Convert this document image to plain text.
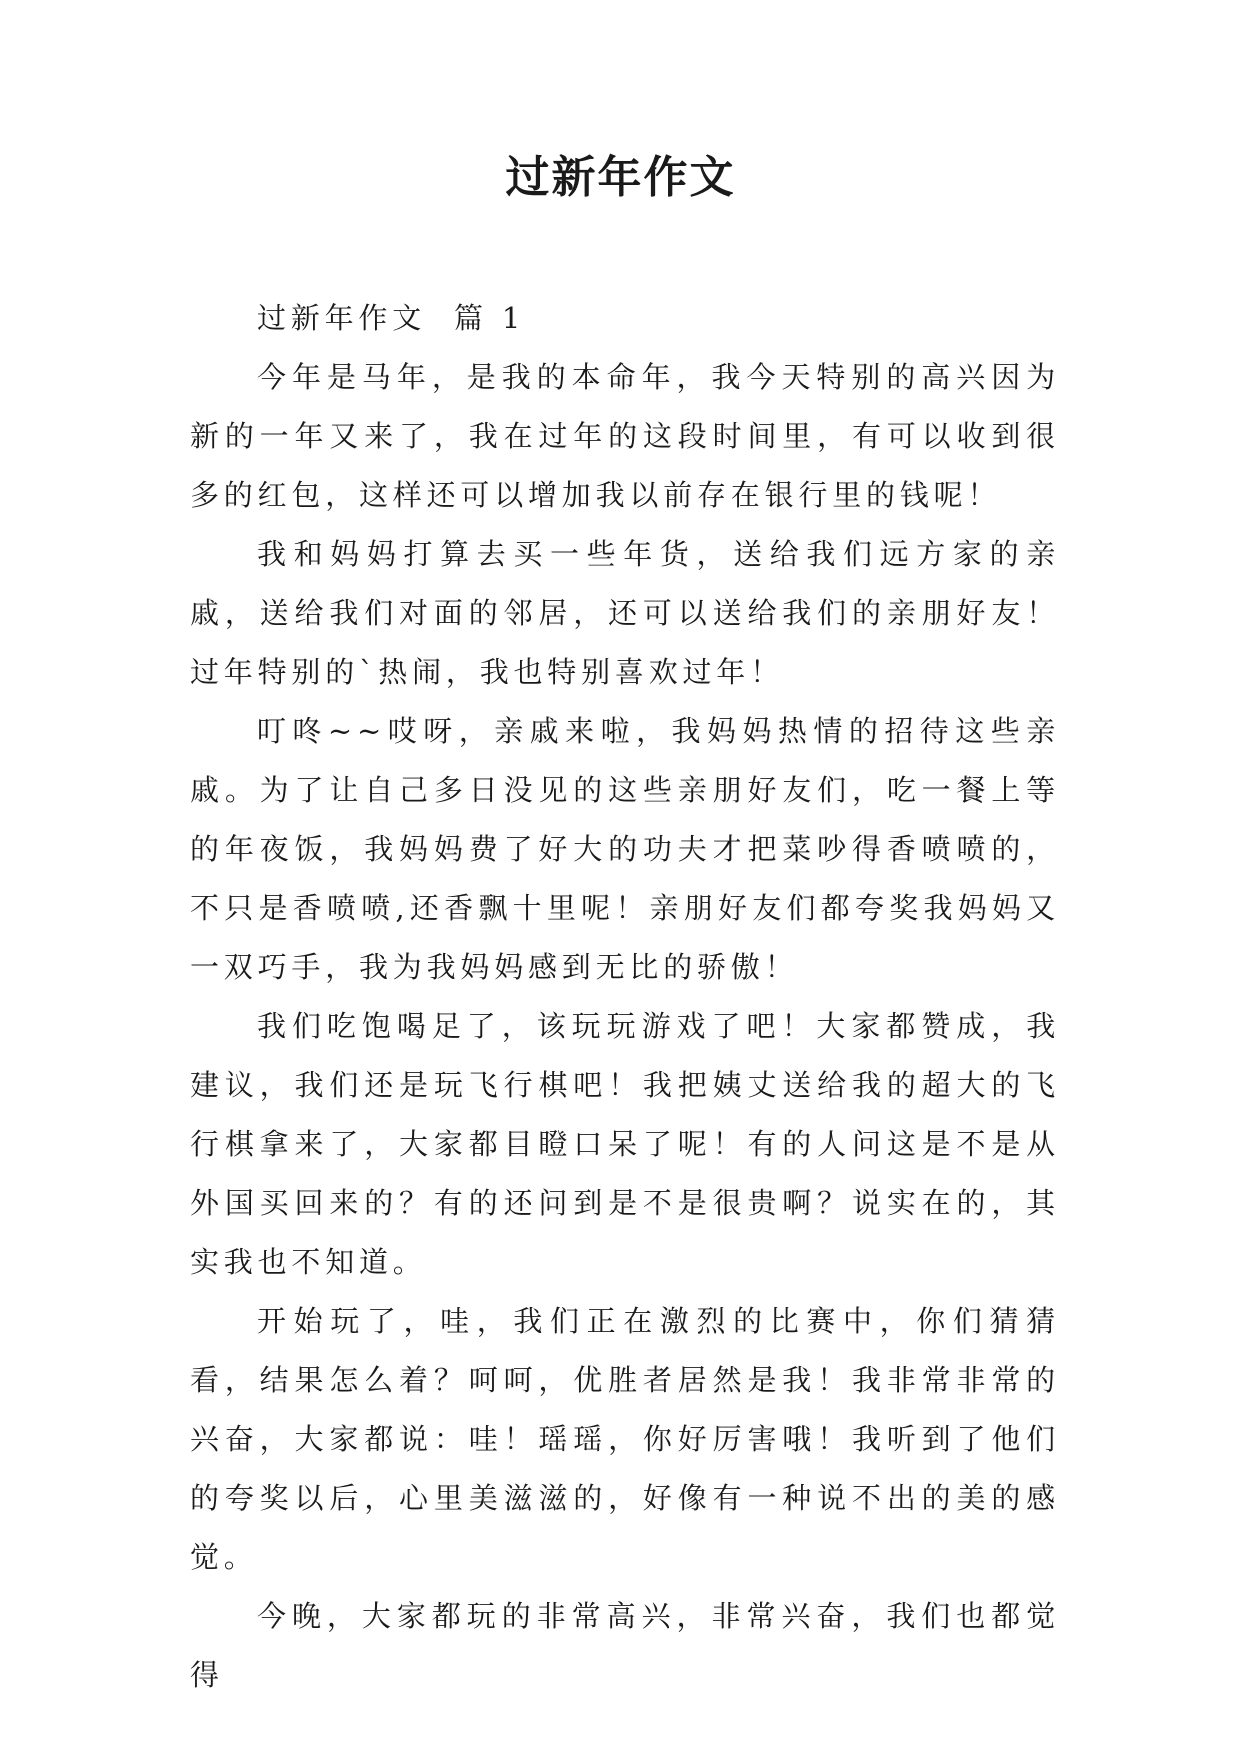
过新年作文

过新年作文  篇 1

今年是马年，是我的本命年，我今天特别的高兴因为新的一年又来了，我在过年的这段时间里，有可以收到很多的红包，这样还可以增加我以前存在银行里的钱呢！

我和妈妈打算去买一些年货，送给我们远方家的亲戚，送给我们对面的邻居，还可以送给我们的亲朋好友！过年特别的`热闹，我也特别喜欢过年！

叮咚~~哎呀，亲戚来啦，我妈妈热情的招待这些亲戚。为了让自己多日没见的这些亲朋好友们，吃一餐上等的年夜饭，我妈妈费了好大的功夫才把菜吵得香喷喷的，不只是香喷喷,还香飘十里呢！亲朋好友们都夸奖我妈妈又一双巧手，我为我妈妈感到无比的骄傲！

我们吃饱喝足了，该玩玩游戏了吧！大家都赞成，我建议，我们还是玩飞行棋吧！我把姨丈送给我的超大的飞行棋拿来了，大家都目瞪口呆了呢！有的人问这是不是从外国买回来的？有的还问到是不是很贵啊？说实在的，其实我也不知道。

开始玩了，哇，我们正在激烈的比赛中，你们猜猜看，结果怎么着？呵呵，优胜者居然是我！我非常非常的兴奋，大家都说：哇！瑶瑶，你好厉害哦！我听到了他们的夸奖以后，心里美滋滋的，好像有一种说不出的美的感觉。

今晚，大家都玩的非常高兴，非常兴奋，我们也都觉得
